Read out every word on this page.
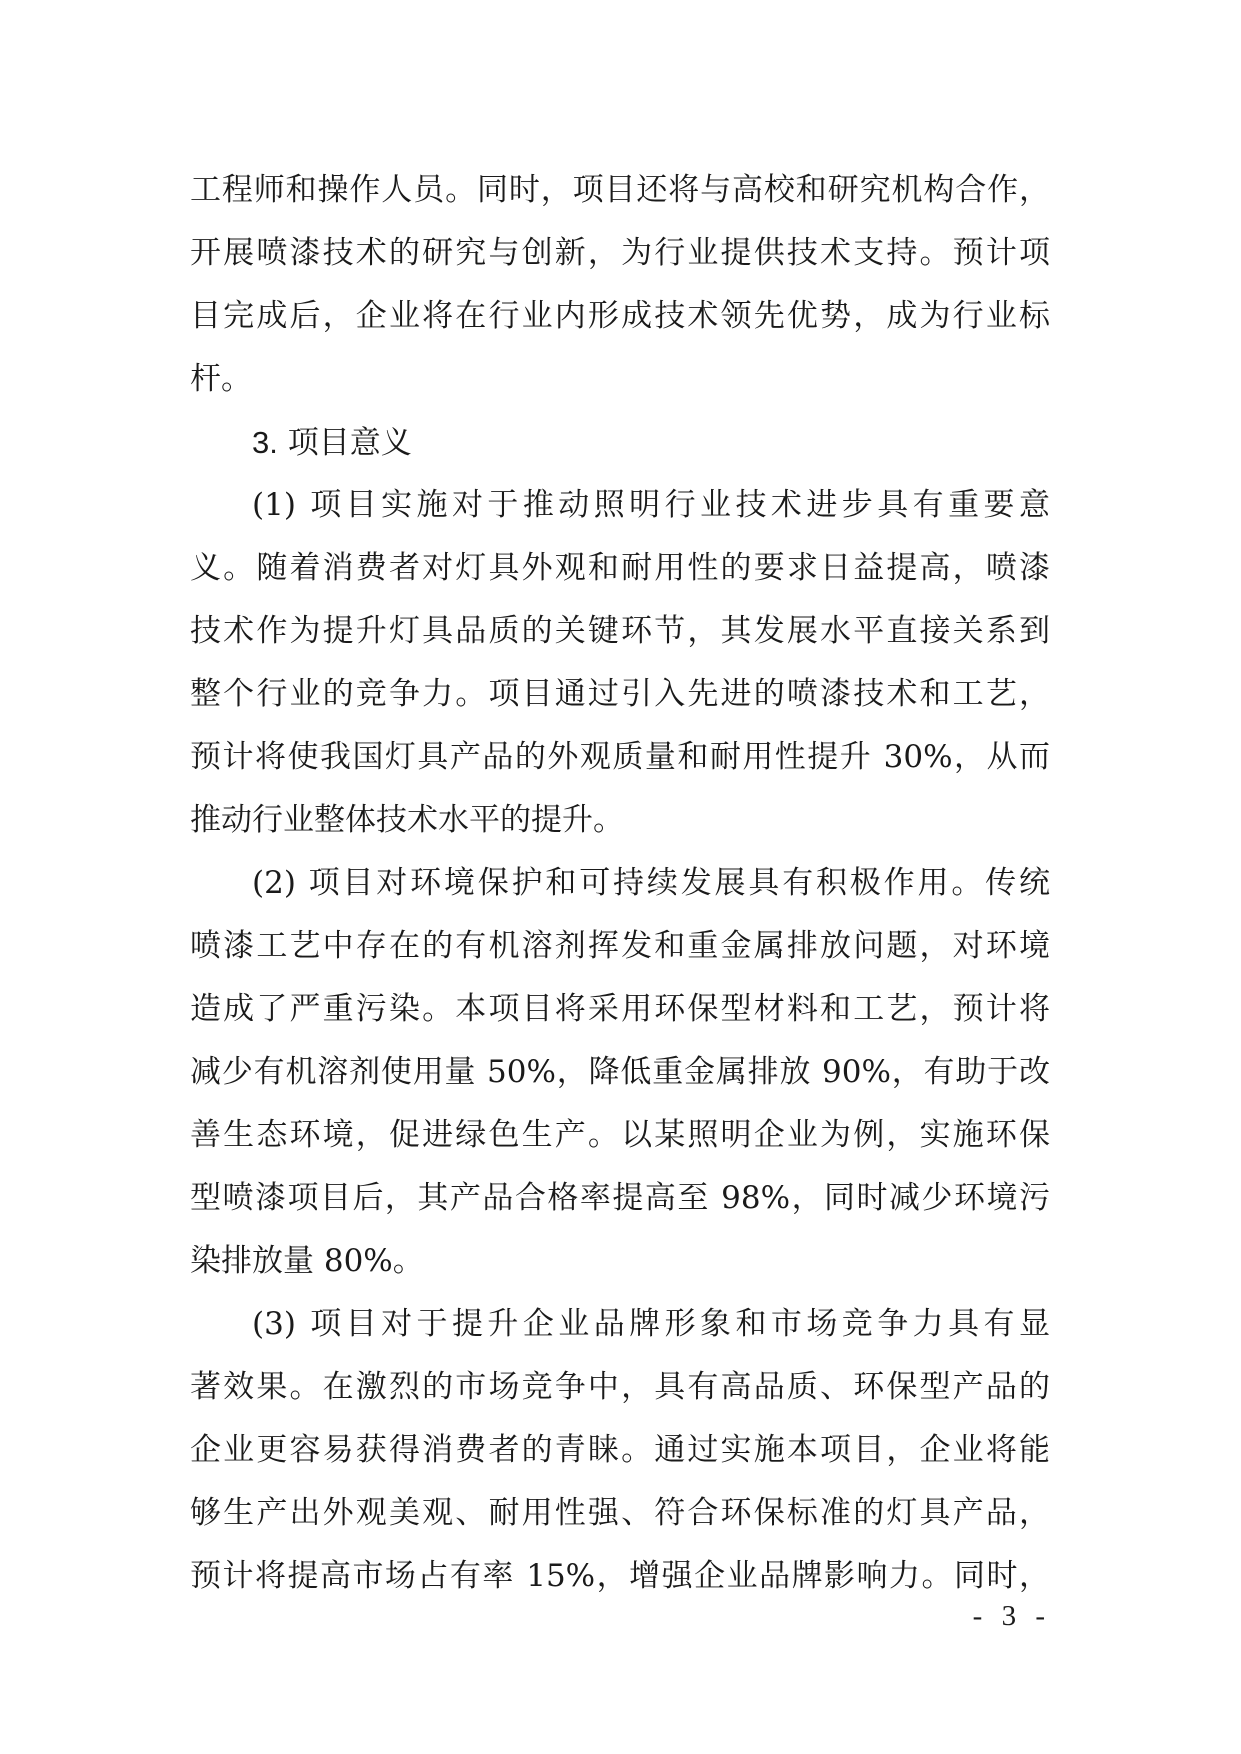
工程师和操作人员。同时，项目还将与高校和研究机构合作，
开展喷漆技术的研究与创新，为行业提供技术支持。预计项
目完成后，企业将在行业内形成技术领先优势，成为行业标
杆。
3. 项目意义
(1) 项目实施对于推动照明行业技术进步具有重要意
义。随着消费者对灯具外观和耐用性的要求日益提高，喷漆
技术作为提升灯具品质的关键环节，其发展水平直接关系到
整个行业的竞争力。项目通过引入先进的喷漆技术和工艺，
预计将使我国灯具产品的外观质量和耐用性提升 30%，从而
推动行业整体技术水平的提升。
(2) 项目对环境保护和可持续发展具有积极作用。传统
喷漆工艺中存在的有机溶剂挥发和重金属排放问题，对环境
造成了严重污染。本项目将采用环保型材料和工艺，预计将
减少有机溶剂使用量 50%，降低重金属排放 90%，有助于改
善生态环境，促进绿色生产。以某照明企业为例，实施环保
型喷漆项目后，其产品合格率提高至 98%，同时减少环境污
染排放量 80%。
(3) 项目对于提升企业品牌形象和市场竞争力具有显
著效果。在激烈的市场竞争中，具有高品质、环保型产品的
企业更容易获得消费者的青睐。通过实施本项目，企业将能
够生产出外观美观、耐用性强、符合环保标准的灯具产品，
预计将提高市场占有率 15%，增强企业品牌影响力。同时，
- 3 -
